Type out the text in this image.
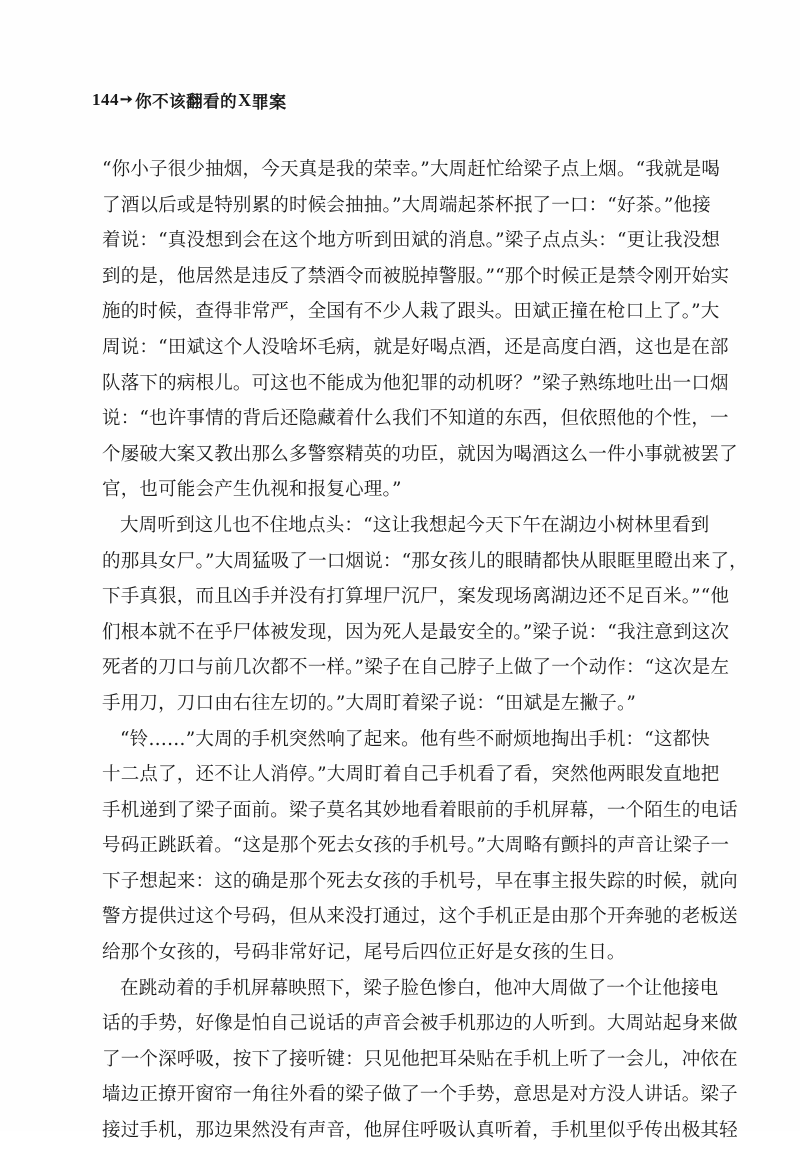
144 ➙ 你不该翻看的 X 罪案
“你小子很少抽烟，今天真是我的荣幸。”大周赶忙给梁子点上烟。“我就是喝
了酒以后或是特别累的时候会抽抽。”大周端起茶杯抿了一口：“好茶。”他接
着说：“真没想到会在这个地方听到田斌的消息。”梁子点点头：“更让我没想
到的是，他居然是违反了禁酒令而被脱掉警服。”“那个时候正是禁令刚开始实
施的时候，查得非常严，全国有不少人栽了跟头。田斌正撞在枪口上了。”大
周说：“田斌这个人没啥坏毛病，就是好喝点酒，还是高度白酒，这也是在部
队落下的病根儿。可这也不能成为他犯罪的动机呀？”梁子熟练地吐出一口烟
说：“也许事情的背后还隐藏着什么我们不知道的东西，但依照他的个性，一
个屡破大案又教出那么多警察精英的功臣，就因为喝酒这么一件小事就被罢了
官，也可能会产生仇视和报复心理。”
大周听到这儿也不住地点头：“这让我想起今天下午在湖边小树林里看到
的那具女尸。”大周猛吸了一口烟说：“那女孩儿的眼睛都快从眼眶里瞪出来了，
下手真狠，而且凶手并没有打算埋尸沉尸，案发现场离湖边还不足百米。”“他
们根本就不在乎尸体被发现，因为死人是最安全的。”梁子说：“我注意到这次
死者的刀口与前几次都不一样。”梁子在自己脖子上做了一个动作：“这次是左
手用刀，刀口由右往左切的。”大周盯着梁子说：“田斌是左撇子。”
“铃……”大周的手机突然响了起来。他有些不耐烦地掏出手机：“这都快
十二点了，还不让人消停。”大周盯着自己手机看了看，突然他两眼发直地把
手机递到了梁子面前。梁子莫名其妙地看着眼前的手机屏幕，一个陌生的电话
号码正跳跃着。“这是那个死去女孩的手机号。”大周略有颤抖的声音让梁子一
下子想起来：这的确是那个死去女孩的手机号，早在事主报失踪的时候，就向
警方提供过这个号码，但从来没打通过，这个手机正是由那个开奔驰的老板送
给那个女孩的，号码非常好记，尾号后四位正好是女孩的生日。
在跳动着的手机屏幕映照下，梁子脸色惨白，他冲大周做了一个让他接电
话的手势，好像是怕自己说话的声音会被手机那边的人听到。大周站起身来做
了一个深呼吸，按下了接听键：只见他把耳朵贴在手机上听了一会儿，冲依在
墙边正撩开窗帘一角往外看的梁子做了一个手势，意思是对方没人讲话。梁子
接过手机，那边果然没有声音，他屏住呼吸认真听着，手机里似乎传出极其轻
